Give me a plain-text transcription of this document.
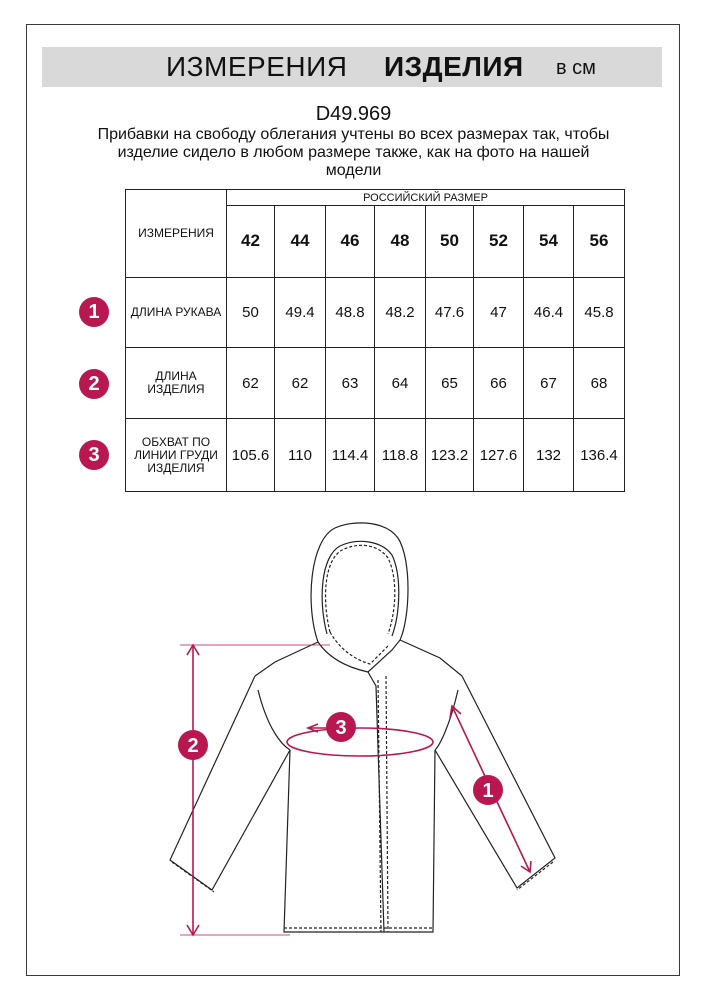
ИЗМЕРЕНИЯ ИЗДЕЛИЯ в см
D49.969
Прибавки на свободу облегания учтены во всех размерах так, чтобы изделие сидело в любом размере также, как на фото на нашей модели
ИЗМЕРЕНИЯ	РОССИЙСКИЙ РАЗМЕР							
	42	44	46	48	50	52	54	56
ДЛИНА РУКАВА	50	49.4	48.8	48.2	47.6	47	46.4	45.8

ДЛИНА ИЗДЕЛИЯ	62	62	63	64	65	66	67	68

ОБХВАТ ПО ЛИНИИ ГРУДИ ИЗДЕЛИЯ	105.6	110	114.4	118.8	123.2	127.6	132	136.4
1
2
3
2
3
1
